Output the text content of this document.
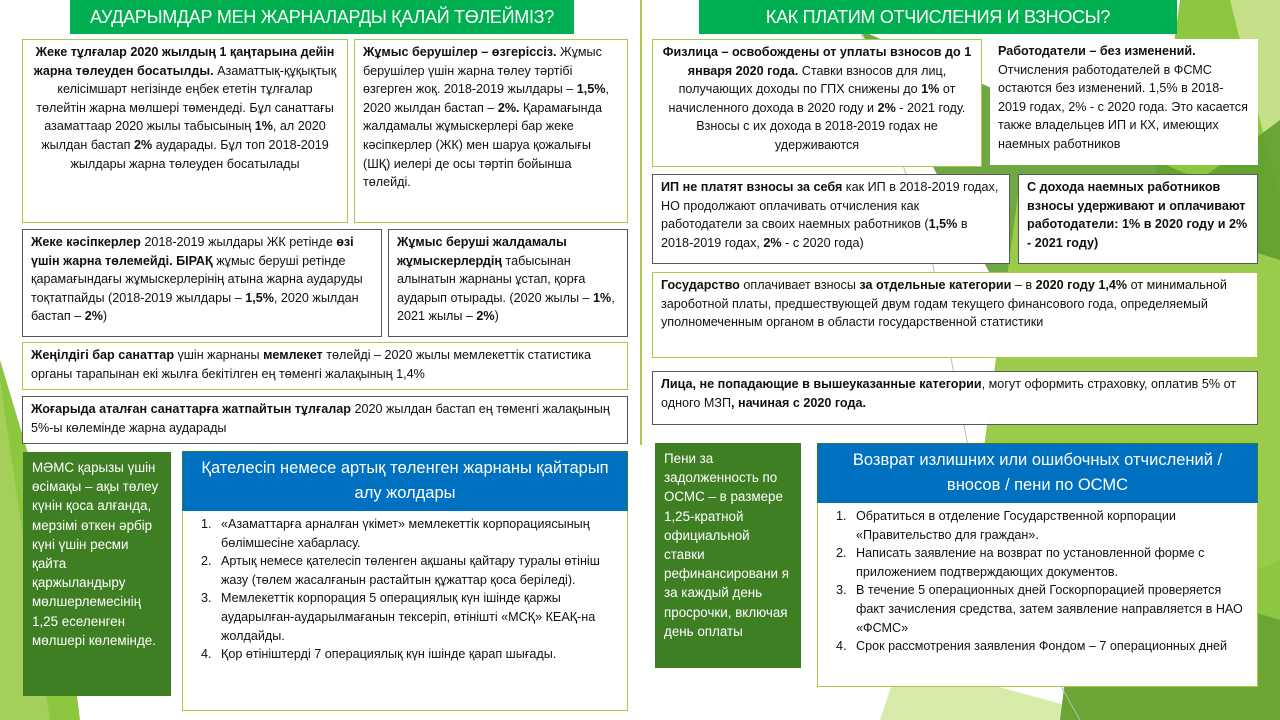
АУДАРЫМДАР МЕН ЖАРНАЛАРДЫ ҚАЛАЙ ТӨЛЕЙМІЗ?
Жеке тұлғалар 2020 жылдың 1 қаңтарына дейін жарна төлеуден босатылды. Азаматтық-құқықтық келісімшарт негізінде еңбек ететін тұлғалар төлейтін жарна мөлшері төмендеді. Бұл санаттағы азаматтаар 2020 жылы табысының 1%, ал 2020 жылдан бастап 2% аударады. Бұл топ 2018-2019 жылдары жарна төлеуден босатылады
Жұмыс берушілер – өзгеріссіз. Жұмыс берушілер үшін жарна төлеу тәртібі өзгерген жоқ. 2018-2019 жылдары – 1,5%, 2020 жылдан бастап – 2%. Қарамағында жалдамалы жұмыскерлері бар жеке кәсіпкерлер (ЖК) мен шаруа қожалығы (ШҚ) иелері де осы тәртіп бойынша төлейді.
Жеке кәсіпкерлер 2018-2019 жылдары ЖК ретінде өзі үшін жарна төлемейді. БІРАҚ жұмыс беруші ретінде қарамағындағы жұмыскерлерінің атына жарна аударуды тоқтатпайды (2018-2019 жылдары – 1,5%, 2020 жылдан бастап – 2%)
Жұмыс беруші жалдамалы жұмыскерлердің табысынан алынатын жарнаны ұстап, қорға аударып отырады. (2020 жылы – 1%, 2021 жылы – 2%)
Жеңілдігі бар санаттар үшін жарнаны мемлекет төлейді – 2020 жылы мемлекеттік статистика органы тарапынан екі жылға бекітілген ең төменгі жалақының 1,4%
Жоғарыда аталған санаттарға жатпайтын тұлғалар 2020 жылдан бастап ең төменгі жалақының 5%-ы көлемінде жарна аударады
МӘМС қарызы үшін өсімақы – ақы төлеу күнін қоса алғанда, мерзімі өткен әрбір күні үшін ресми қайта қаржыландыру мөлшерлемесінің 1,25 еселенген мөлшері көлемінде.
Қателесіп немесе артық төленген жарнаны қайтарып алу жолдары
1. «Азаматтарға арналған үкімет» мемлекеттік корпорациясының бөлімшесіне хабарласу.
2. Артық немесе қателесіп төленген ақшаны қайтару туралы өтініш жазу (төлем жасалғанын растайтын құжаттар қоса беріледі).
3. Мемлекеттік корпорация 5 операциялық күн ішінде қаржы аударылған-аударылмағанын тексеріп, өтінішті «МСҚ» КЕАҚ-на жолдайды.
4. Қор өтініштерді 7 операциялық күн ішінде қарап шығады.
КАК ПЛАТИМ ОТЧИСЛЕНИЯ И ВЗНОСЫ?
Физлица – освобождены от уплаты взносов до 1 января 2020 года. Ставки взносов для лиц, получающих доходы по ГПХ снижены до 1% от начисленного дохода в 2020 году и 2% - 2021 году. Взносы с их дохода в 2018-2019 годах не удерживаются
Работодатели – без изменений. Отчисления работодателей в ФСМС остаются без изменений. 1,5% в 2018-2019 годах, 2% - с 2020 года. Это касается также владельцев ИП и КХ, имеющих наемных работников
ИП не платят взносы за себя как ИП в 2018-2019 годах, НО продолжают оплачивать отчисления как работодатели за своих наемных работников (1,5% в 2018-2019 годах, 2% - с 2020 года)
С дохода наемных работников взносы удерживают и оплачивают работодатели: 1% в 2020 году и 2% - 2021 году)
Государство оплачивает взносы за отдельные категории – в 2020 году 1,4% от минимальной зароботной платы, предшествующей двум годам текущего финансового года, определяемый уполномеченным органом в области государственной статистики
Лица, не попадающие в вышеуказанные категории, могут оформить страховку, оплатив 5% от одного МЗП, начиная с 2020 года.
Пени за задолженность по ОСМС – в размере 1,25-кратной официальной ставки рефинансировани я за каждый день просрочки, включая день оплаты
Возврат излишних или ошибочных отчислений / вносов / пени по ОСМС
1. Обратиться в отделение Государственной корпорации «Правительство для граждан».
2. Написать заявление на возврат по установленной форме с приложением подтверждающих документов.
3. В течение 5 операционных дней Госкорпорацией проверяется факт зачисления средства, затем заявление направляется в НАО «ФСМС»
4. Срок рассмотрения заявления Фондом – 7 операционных дней
